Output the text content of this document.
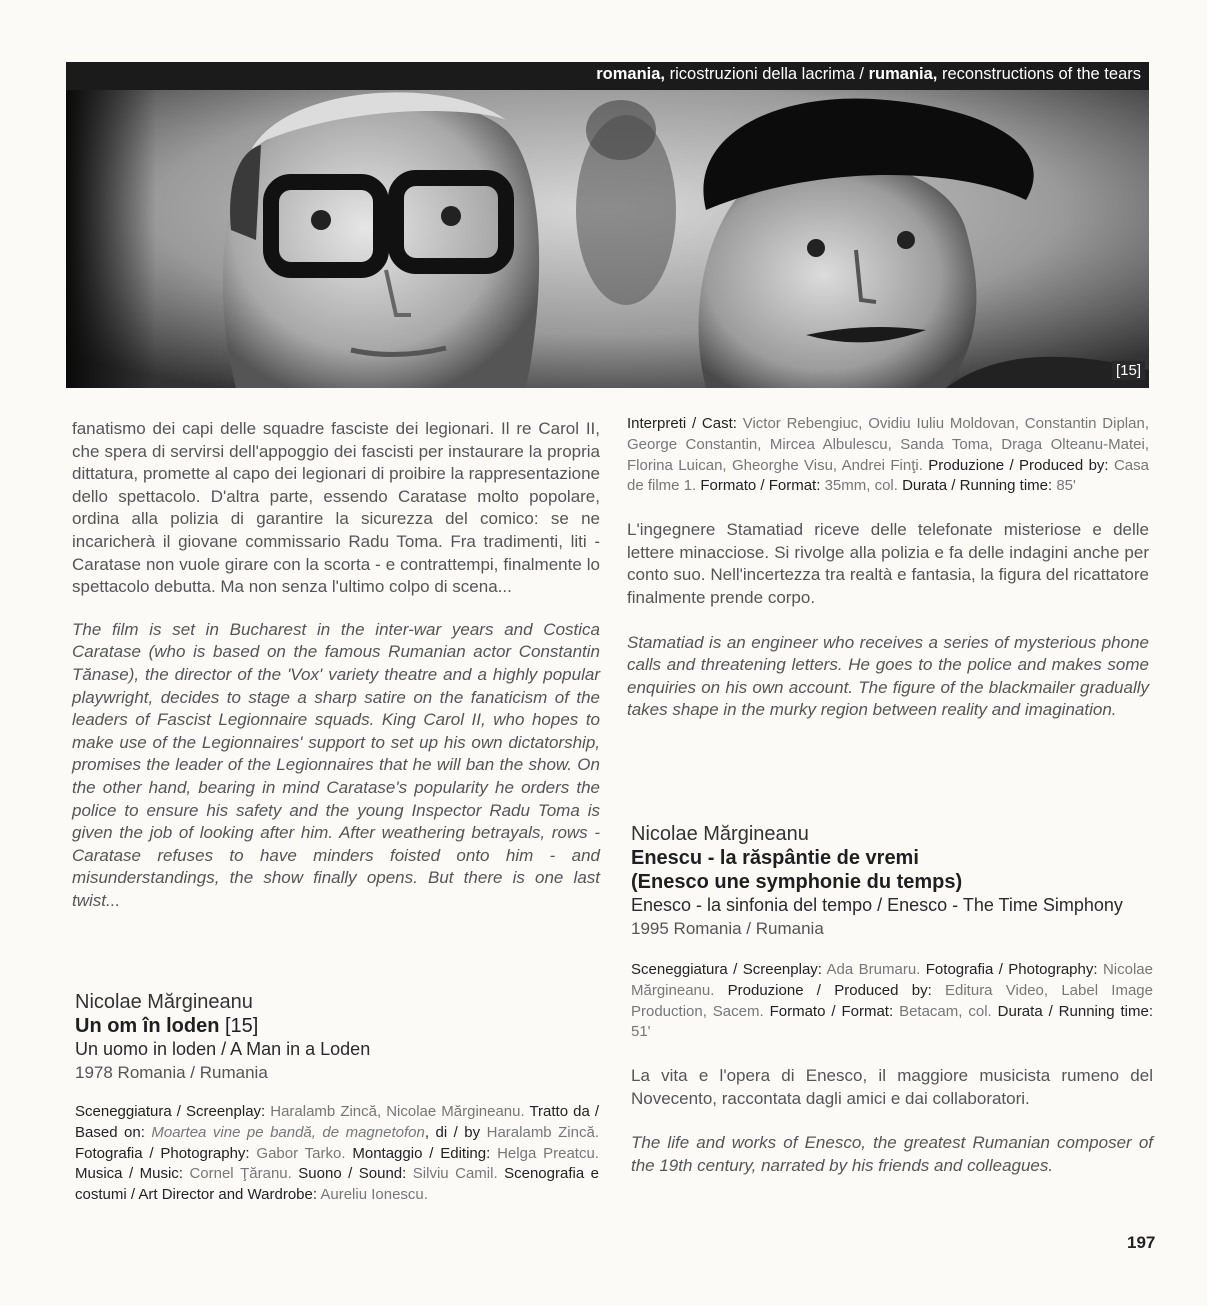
romania, ricostruzioni della lacrima / rumania, reconstructions of the tears
[15]

fanatismo dei capi delle squadre fasciste dei legionari. Il re Carol II, che spera di servirsi dell'appoggio dei fascisti per instaurare la propria dittatura, promette al capo dei legionari di proibire la rappresentazione dello spettacolo. D'altra parte, essendo Caratase molto popolare, ordina alla polizia di garantire la sicurezza del comico: se ne incaricherà il giovane commissario Radu Toma. Fra tradimenti, liti - Caratase non vuole girare con la scorta - e contrattempi, finalmente lo spettacolo debutta. Ma non senza l'ultimo colpo di scena...

The film is set in Bucharest in the inter-war years and Costica Caratase (who is based on the famous Rumanian actor Constantin Tănase), the director of the 'Vox' variety theatre and a highly popular playwright, decides to stage a sharp satire on the fanaticism of the leaders of Fascist Legionnaire squads. King Carol II, who hopes to make use of the Legionnaires' support to set up his own dictatorship, promises the leader of the Legionnaires that he will ban the show. On the other hand, bearing in mind Caratase's popularity he orders the police to ensure his safety and the young Inspector Radu Toma is given the job of looking after him. After weathering betrayals, rows - Caratase refuses to have minders foisted onto him - and misunderstandings, the show finally opens. But there is one last twist...

Nicolae Mărgineanu

Un om în loden [15]

Un uomo in loden / A Man in a Loden

1978 Romania / Rumania

Sceneggiatura / Screenplay: Haralamb Zincă, Nicolae Mărgineanu. Tratto da / Based on: Moartea vine pe bandă, de magnetofon, di / by Haralamb Zincă. Fotografia / Photography: Gabor Tarko. Montaggio / Editing: Helga Preatcu. Musica / Music: Cornel Ţăranu. Suono / Sound: Silviu Camil. Scenografia e costumi / Art Director and Wardrobe: Aureliu Ionescu.

Interpreti / Cast: Victor Rebengiuc, Ovidiu Iuliu Moldovan, Constantin Diplan, George Constantin, Mircea Albulescu, Sanda Toma, Draga Olteanu-Matei, Florina Luican, Gheorghe Visu, Andrei Finţi. Produzione / Produced by: Casa de filme 1. Formato / Format: 35mm, col. Durata / Running time: 85'

L'ingegnere Stamatiad riceve delle telefonate misteriose e delle lettere minacciose. Si rivolge alla polizia e fa delle indagini anche per conto suo. Nell'incertezza tra realtà e fantasia, la figura del ricattatore finalmente prende corpo.

Stamatiad is an engineer who receives a series of mysterious phone calls and threatening letters. He goes to the police and makes some enquiries on his own account. The figure of the blackmailer gradually takes shape in the murky region between reality and imagination.

Nicolae Mărgineanu

Enescu - la răspântie de vremi

(Enesco une symphonie du temps)

Enesco - la sinfonia del tempo / Enesco - The Time Simphony

1995 Romania / Rumania

Sceneggiatura / Screenplay: Ada Brumaru. Fotografia / Photography: Nicolae Mărgineanu. Produzione / Produced by: Editura Video, Label Image Production, Sacem. Formato / Format: Betacam, col. Durata / Running time: 51'

La vita e l'opera di Enesco, il maggiore musicista rumeno del Novecento, raccontata dagli amici e dai collaboratori.

The life and works of Enesco, the greatest Rumanian composer of the 19th century, narrated by his friends and colleagues.

197
